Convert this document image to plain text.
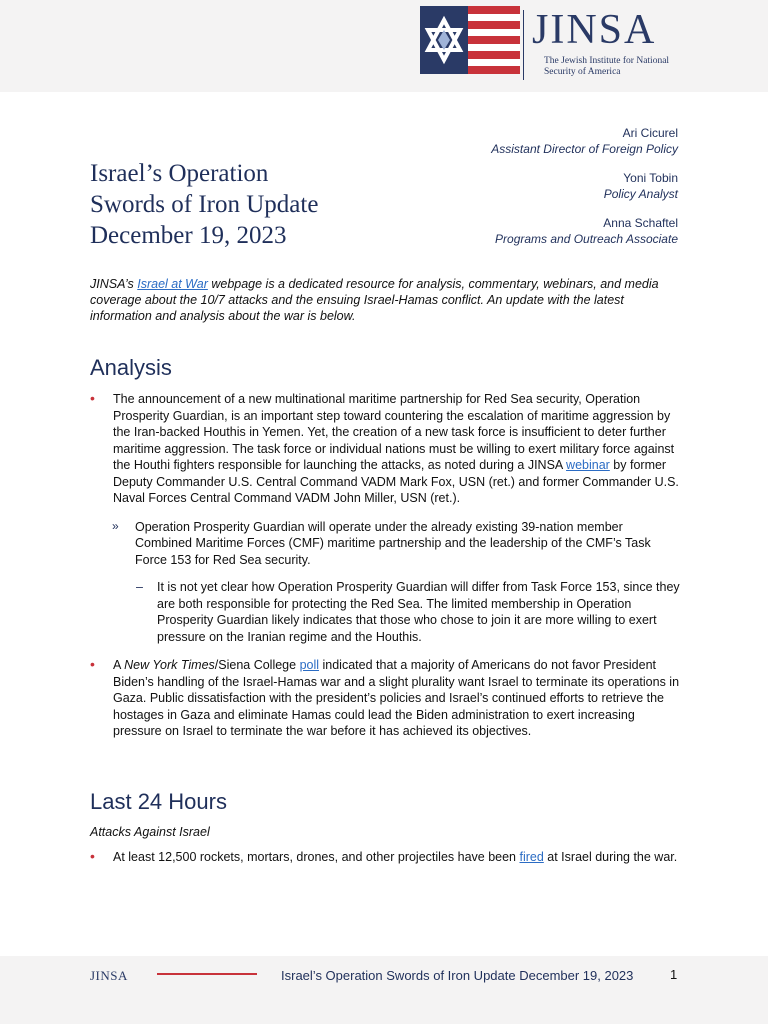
JINSA
The Jewish Institute for National Security of America
Israel’s Operation
Swords of Iron Update
December 19, 2023
Ari Cicurel
Assistant Director of Foreign Policy
Yoni Tobin
Policy Analyst
Anna Schaftel
Programs and Outreach Associate
JINSA’s Israel at War webpage is a dedicated resource for analysis, commentary, webinars, and media coverage about the 10/7 attacks and the ensuing Israel-Hamas conflict. An update with the latest information and analysis about the war is below.
Analysis
• The announcement of a new multinational maritime partnership for Red Sea security, Operation Prosperity Guardian, is an important step toward countering the escalation of maritime aggression by the Iran-backed Houthis in Yemen. Yet, the creation of a new task force is insufficient to deter further maritime aggression. The task force or individual nations must be willing to exert military force against the Houthi fighters responsible for launching the attacks, as noted during a JINSA webinar by former Deputy Commander U.S. Central Command VADM Mark Fox, USN (ret.) and former Commander U.S. Naval Forces Central Command VADM John Miller, USN (ret.).
» Operation Prosperity Guardian will operate under the already existing 39-nation member Combined Maritime Forces (CMF) maritime partnership and the leadership of the CMF’s Task Force 153 for Red Sea security.
– It is not yet clear how Operation Prosperity Guardian will differ from Task Force 153, since they are both responsible for protecting the Red Sea. The limited membership in Operation Prosperity Guardian likely indicates that those who chose to join it are more willing to exert pressure on the Iranian regime and the Houthis.
• A New York Times/Siena College poll indicated that a majority of Americans do not favor President Biden’s handling of the Israel-Hamas war and a slight plurality want Israel to terminate its operations in Gaza. Public dissatisfaction with the president’s policies and Israel’s continued efforts to retrieve the hostages in Gaza and eliminate Hamas could lead the Biden administration to exert increasing pressure on Israel to terminate the war before it has achieved its objectives.
Last 24 Hours
Attacks Against Israel
• At least 12,500 rockets, mortars, drones, and other projectiles have been fired at Israel during the war.
JINSA	Israel’s Operation Swords of Iron Update December 19, 2023	1
